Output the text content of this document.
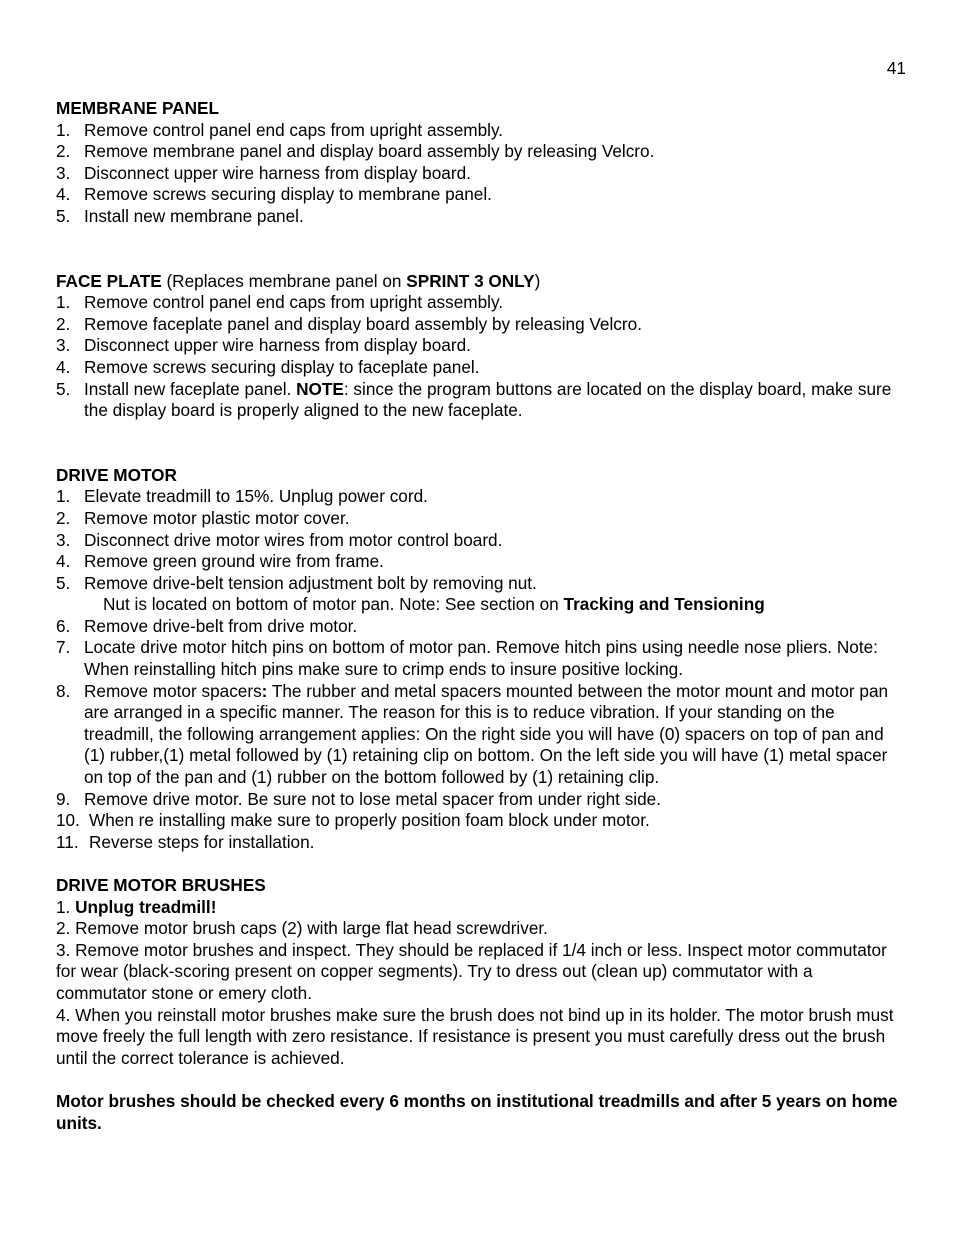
41

MEMBRANE PANEL

1. Remove control panel end caps from upright assembly.
2. Remove membrane panel and display board assembly by releasing Velcro.
3. Disconnect upper wire harness from display board.
4. Remove screws securing display to membrane panel.
5. Install new membrane panel.

FACE PLATE (Replaces membrane panel on SPRINT 3 ONLY)

1. Remove control panel end caps from upright assembly.
2. Remove faceplate panel and display board assembly by releasing Velcro.
3. Disconnect upper wire harness from display board.
4. Remove screws securing display to faceplate panel.
5. Install new faceplate panel. NOTE: since the program buttons are located on the display board, make sure the display board is properly aligned to the new faceplate.

DRIVE MOTOR

1. Elevate treadmill to 15%. Unplug power cord.
2. Remove motor plastic motor cover.
3. Disconnect drive motor wires from motor control board.
4. Remove green ground wire from frame.
5. Remove drive-belt tension adjustment bolt by removing nut.
Nut is located on bottom of motor pan. Note: See section on Tracking and Tensioning
6. Remove drive-belt from drive motor.
7. Locate drive motor hitch pins on bottom of motor pan. Remove hitch pins using needle nose pliers. Note: When reinstalling hitch pins make sure to crimp ends to insure positive locking.
8. Remove motor spacers: The rubber and metal spacers mounted between the motor mount and motor pan are arranged in a specific manner. The reason for this is to reduce vibration. If your standing on the treadmill, the following arrangement applies: On the right side you will have (0) spacers on top of pan and (1) rubber,(1) metal followed by (1) retaining clip on bottom. On the left side you will have (1) metal spacer on top of the pan and (1) rubber on the bottom followed by (1) retaining clip.
9. Remove drive motor. Be sure not to lose metal spacer from under right side.
10. When re installing make sure to properly position foam block under motor.
11. Reverse steps for installation.

DRIVE MOTOR BRUSHES

1. Unplug treadmill!

2. Remove motor brush caps (2) with large flat head screwdriver.

3. Remove motor brushes and inspect. They should be replaced if 1/4 inch or less. Inspect motor commutator for wear (black-scoring present on copper segments). Try to dress out (clean up) commutator with a commutator stone or emery cloth.

4. When you reinstall motor brushes make sure the brush does not bind up in its holder. The motor brush must move freely the full length with zero resistance. If resistance is present you must carefully dress out the brush until the correct tolerance is achieved.

Motor brushes should be checked every 6 months on institutional treadmills and after 5 years on home units.
